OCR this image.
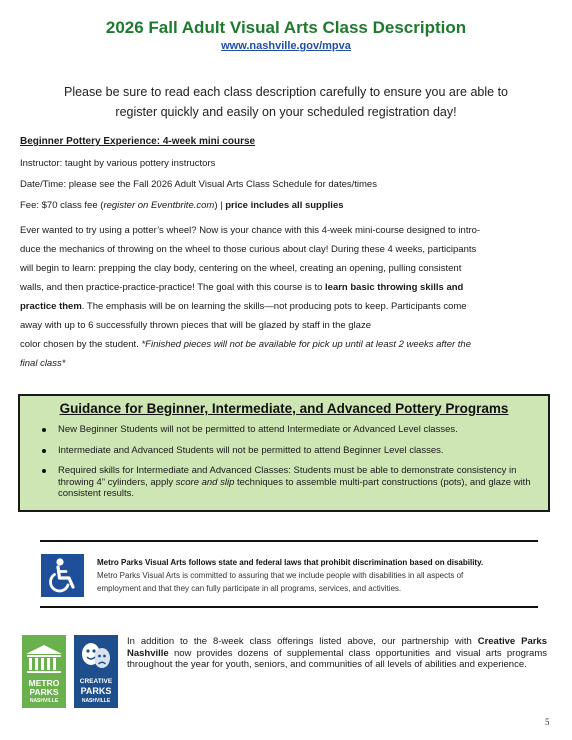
2026 Fall Adult Visual Arts Class Description
www.nashville.gov/mpva
Please be sure to read each class description carefully to ensure you are able to
register quickly and easily on your scheduled registration day!
Beginner Pottery Experience: 4-week mini course
Instructor: taught by various pottery instructors
Date/Time: please see the Fall 2026 Adult Visual Arts Class Schedule for dates/times
Fee: $70 class fee (register on Eventbrite.com) | price includes all supplies
Ever wanted to try using a potter’s wheel? Now is your chance with this 4-week mini-course designed to intro-
duce the mechanics of throwing on the wheel to those curious about clay! During these 4 weeks, participants
will begin to learn: prepping the clay body, centering on the wheel, creating an opening, pulling consistent
walls, and then practice-practice-practice! The goal with this course is to learn basic throwing skills and
practice them. The emphasis will be on learning the skills—not producing pots to keep. Participants come
away with up to 6 successfully thrown pieces that will be glazed by staff in the glaze
color chosen by the student. *Finished pieces will not be available for pick up until at least 2 weeks after the
final class*
Guidance for Beginner, Intermediate, and Advanced Pottery Programs
New Beginner Students will not be permitted to attend Intermediate or Advanced Level classes.
Intermediate and Advanced Students will not be permitted to attend Beginner Level classes.
Required skills for Intermediate and Advanced Classes: Students must be able to demonstrate consistency in throwing 4” cylinders, apply score and slip techniques to assemble multi-part constructions (pots), and glaze with consistent results.
Metro Parks Visual Arts follows state and federal laws that prohibit discrimination based on disability.
Metro Parks Visual Arts is committed to assuring that we include people with disabilities in all aspects of
employment and that they can fully participate in all programs, services, and activities.
METRO
PARKS
NASHVILLE
CREATIVE
PARKS
NASHVILLE
In addition to the 8-week class offerings listed above, our partnership with Creative Parks Nashville now provides dozens of supplemental class opportunities and visual arts programs throughout the year for youth, seniors, and communities of all levels of abilities and experience.
5
